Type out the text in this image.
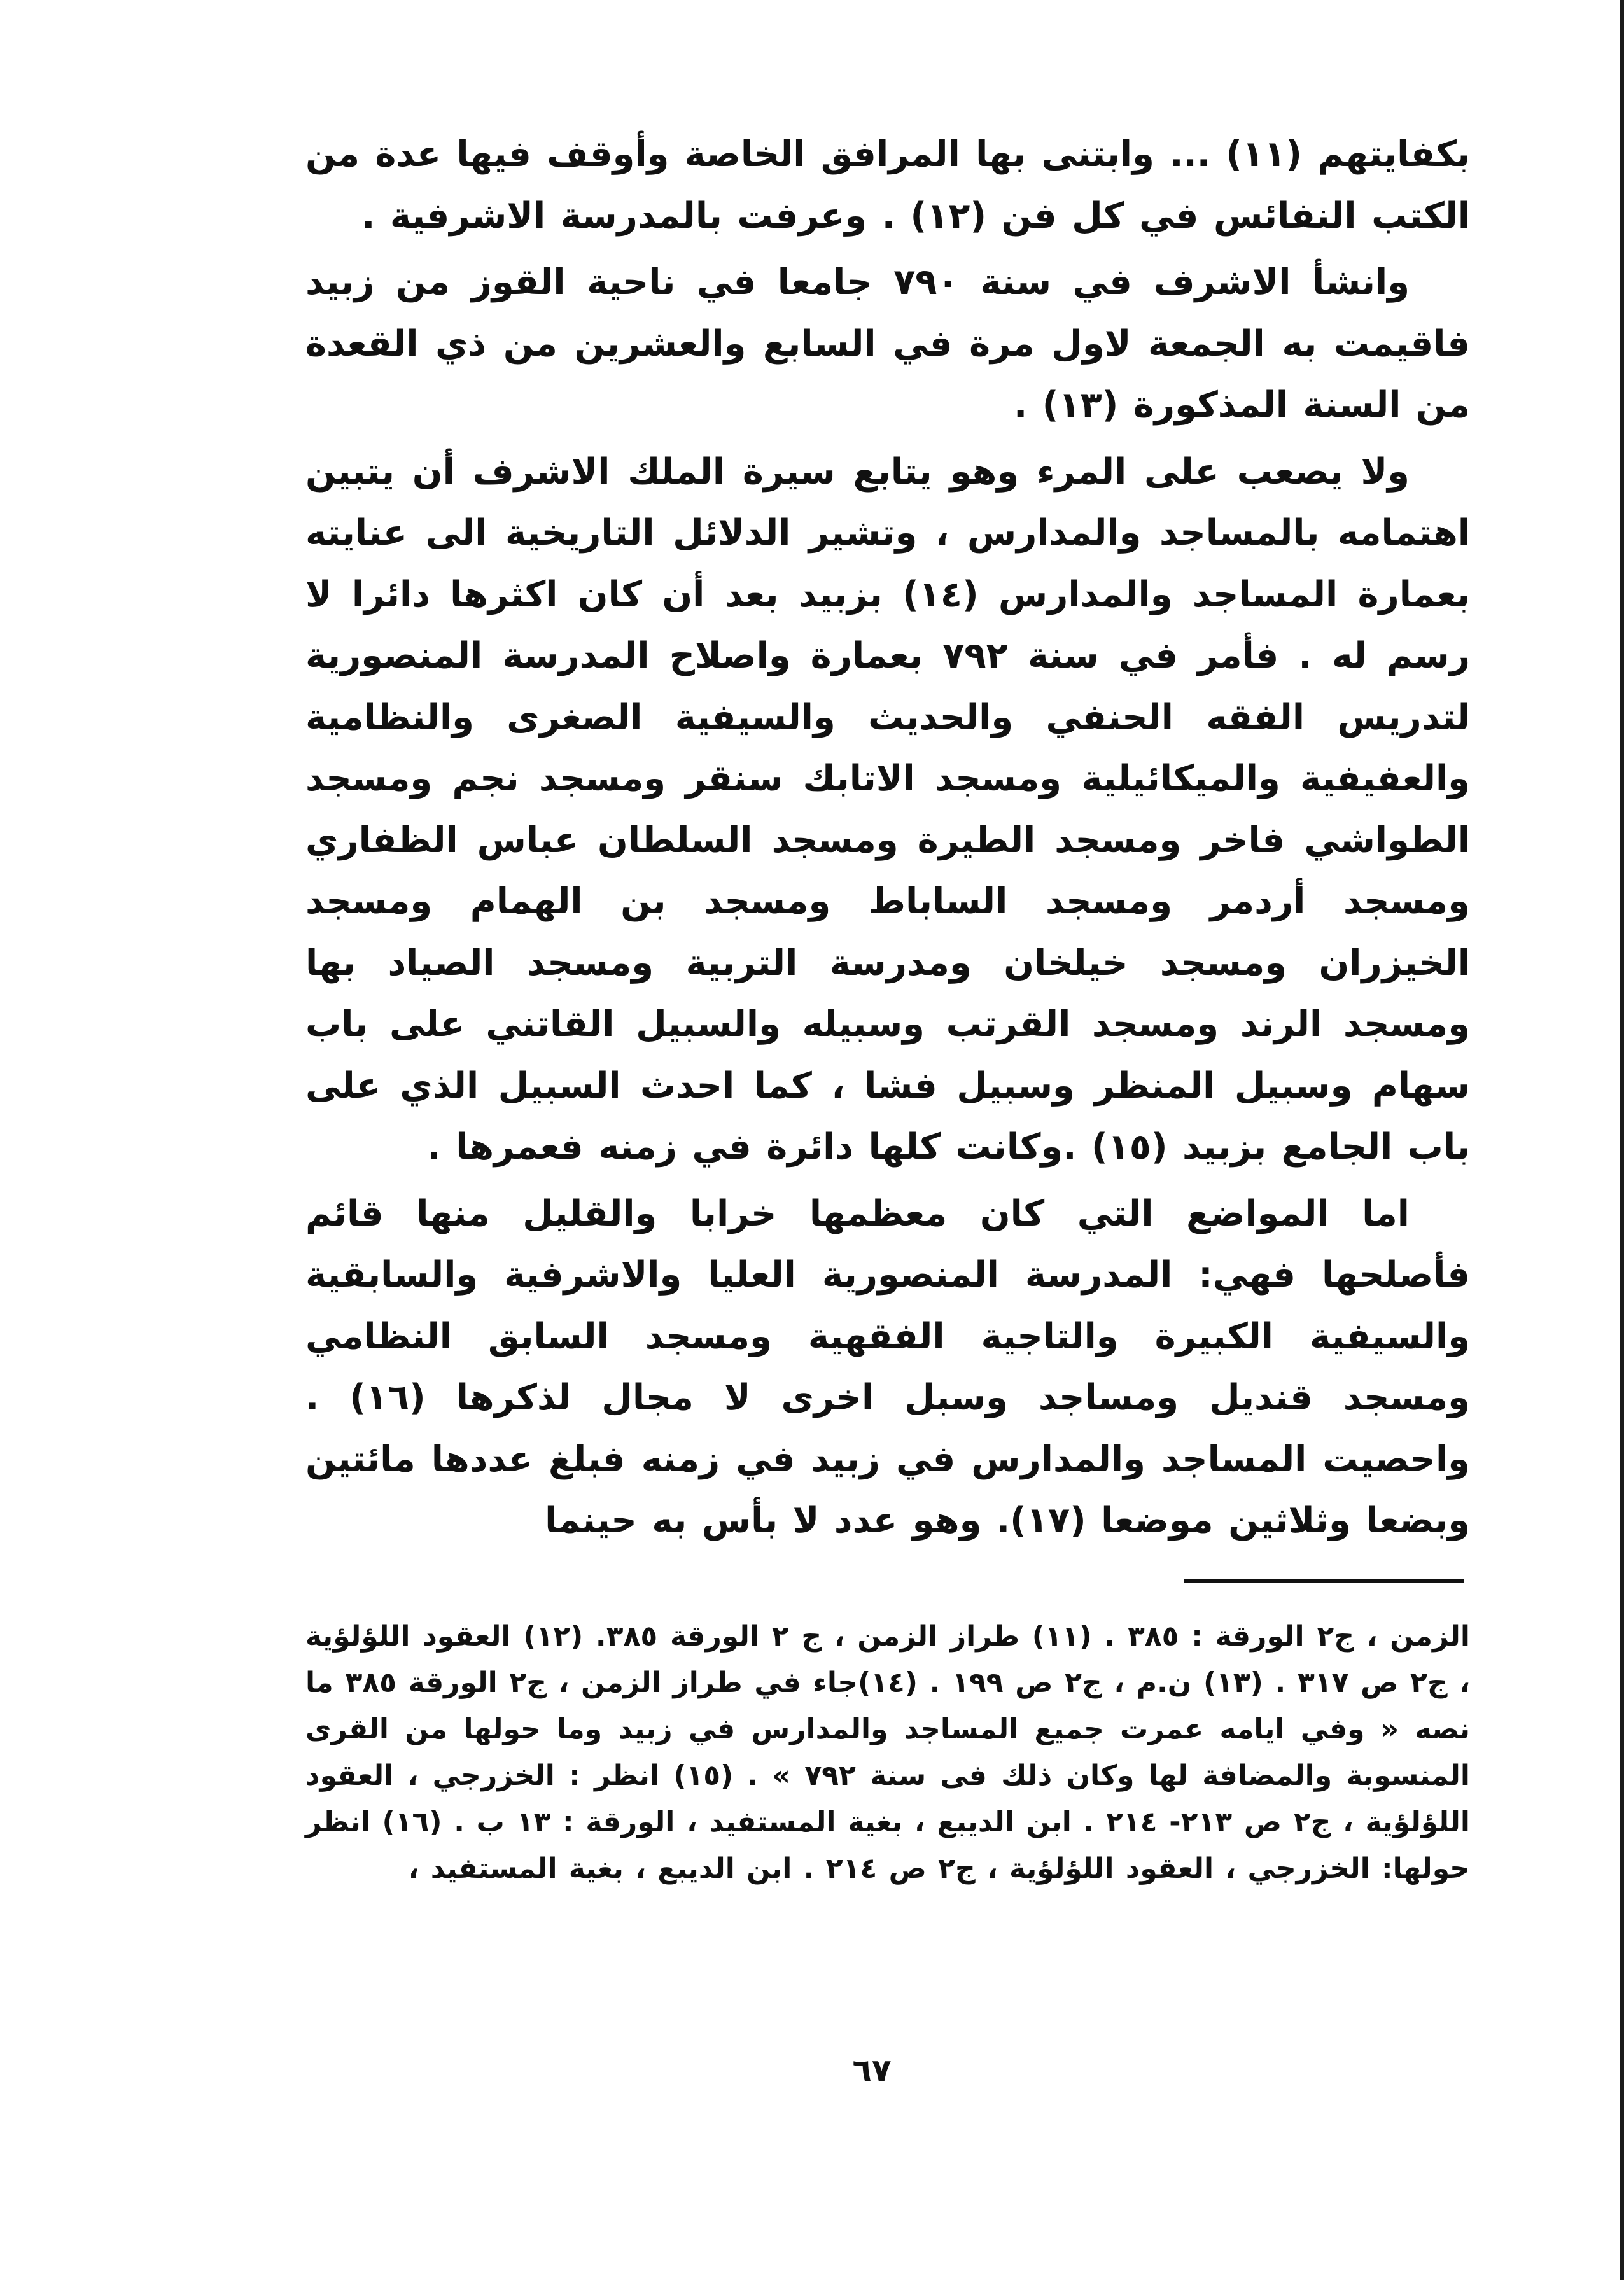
بكفايتهم (١١) ... وابتنى بها المرافق الخاصة وأوقف فيها عدة من الكتب النفائس في كل فن (١٢) . وعرفت بالمدرسة الاشرفية .

وانشأ الاشرف في سنة ٧٩٠ جامعا في ناحية القوز من زبيد فاقيمت به الجمعة لاول مرة في السابع والعشرين من ذي القعدة من السنة المذكورة (١٣) .

ولا يصعب على المرء وهو يتابع سيرة الملك الاشرف أن يتبين اهتمامه بالمساجد والمدارس ، وتشير الدلائل التاريخية الى عنايته بعمارة المساجد والمدارس (١٤) بزبيد بعد أن كان اكثرها دائرا لا رسم له . فأمر في سنة ٧٩٢ بعمارة واصلاح المدرسة المنصورية لتدريس الفقه الحنفي والحديث والسيفية الصغرى والنظامية والعفيفية والميكائيلية ومسجد الاتابك سنقر ومسجد نجم ومسجد الطواشي فاخر ومسجد الطيرة ومسجد السلطان عباس الظفاري ومسجد أردمر ومسجد الساباط ومسجد بن الهمام ومسجد الخيزران ومسجد خيلخان ومدرسة التربية ومسجد الصياد بها ومسجد الرند ومسجد القرتب وسبيله والسبيل القاتني على باب سهام وسبيل المنظر وسبيل فشا ، كما احدث السبيل الذي على باب الجامع بزبيد (١٥) .وكانت كلها دائرة في زمنه فعمرها .

اما المواضع التي كان معظمها خرابا والقليل منها قائم فأصلحها فهي: المدرسة المنصورية العليا والاشرفية والسابقية والسيفية الكبيرة والتاجية الفقهية ومسجد السابق النظامي ومسجد قنديل ومساجد وسبل اخرى لا مجال لذكرها (١٦) . واحصيت المساجد والمدارس في زبيد في زمنه فبلغ عددها مائتين وبضعا وثلاثين موضعا (١٧). وهو عدد لا بأس به حينما

الزمن ، ج٢ الورقة : ٣٨٥ . (١١) طراز الزمن ، ج ٢ الورقة ٣٨٥. (١٢) العقود اللؤلؤية ، ج٢ ص ٣١٧ . (١٣) ن.م ، ج٢ ص ١٩٩ . (١٤)جاء في طراز الزمن ، ج٢ الورقة ٣٨٥ ما نصه « وفي ايامه عمرت جميع المساجد والمدارس في زبيد وما حولها من القرى المنسوبة والمضافة لها وكان ذلك فى سنة ٧٩٢ » . (١٥) انظر : الخزرجي ، العقود اللؤلؤية ، ج٢ ص ٢١٣- ٢١٤ . ابن الديبع ، بغية المستفيد ، الورقة : ١٣ ب . (١٦) انظر حولها: الخزرجي ، العقود اللؤلؤية ، ج٢ ص ٢١٤ . ابن الديبع ، بغية المستفيد ،

٦٧
